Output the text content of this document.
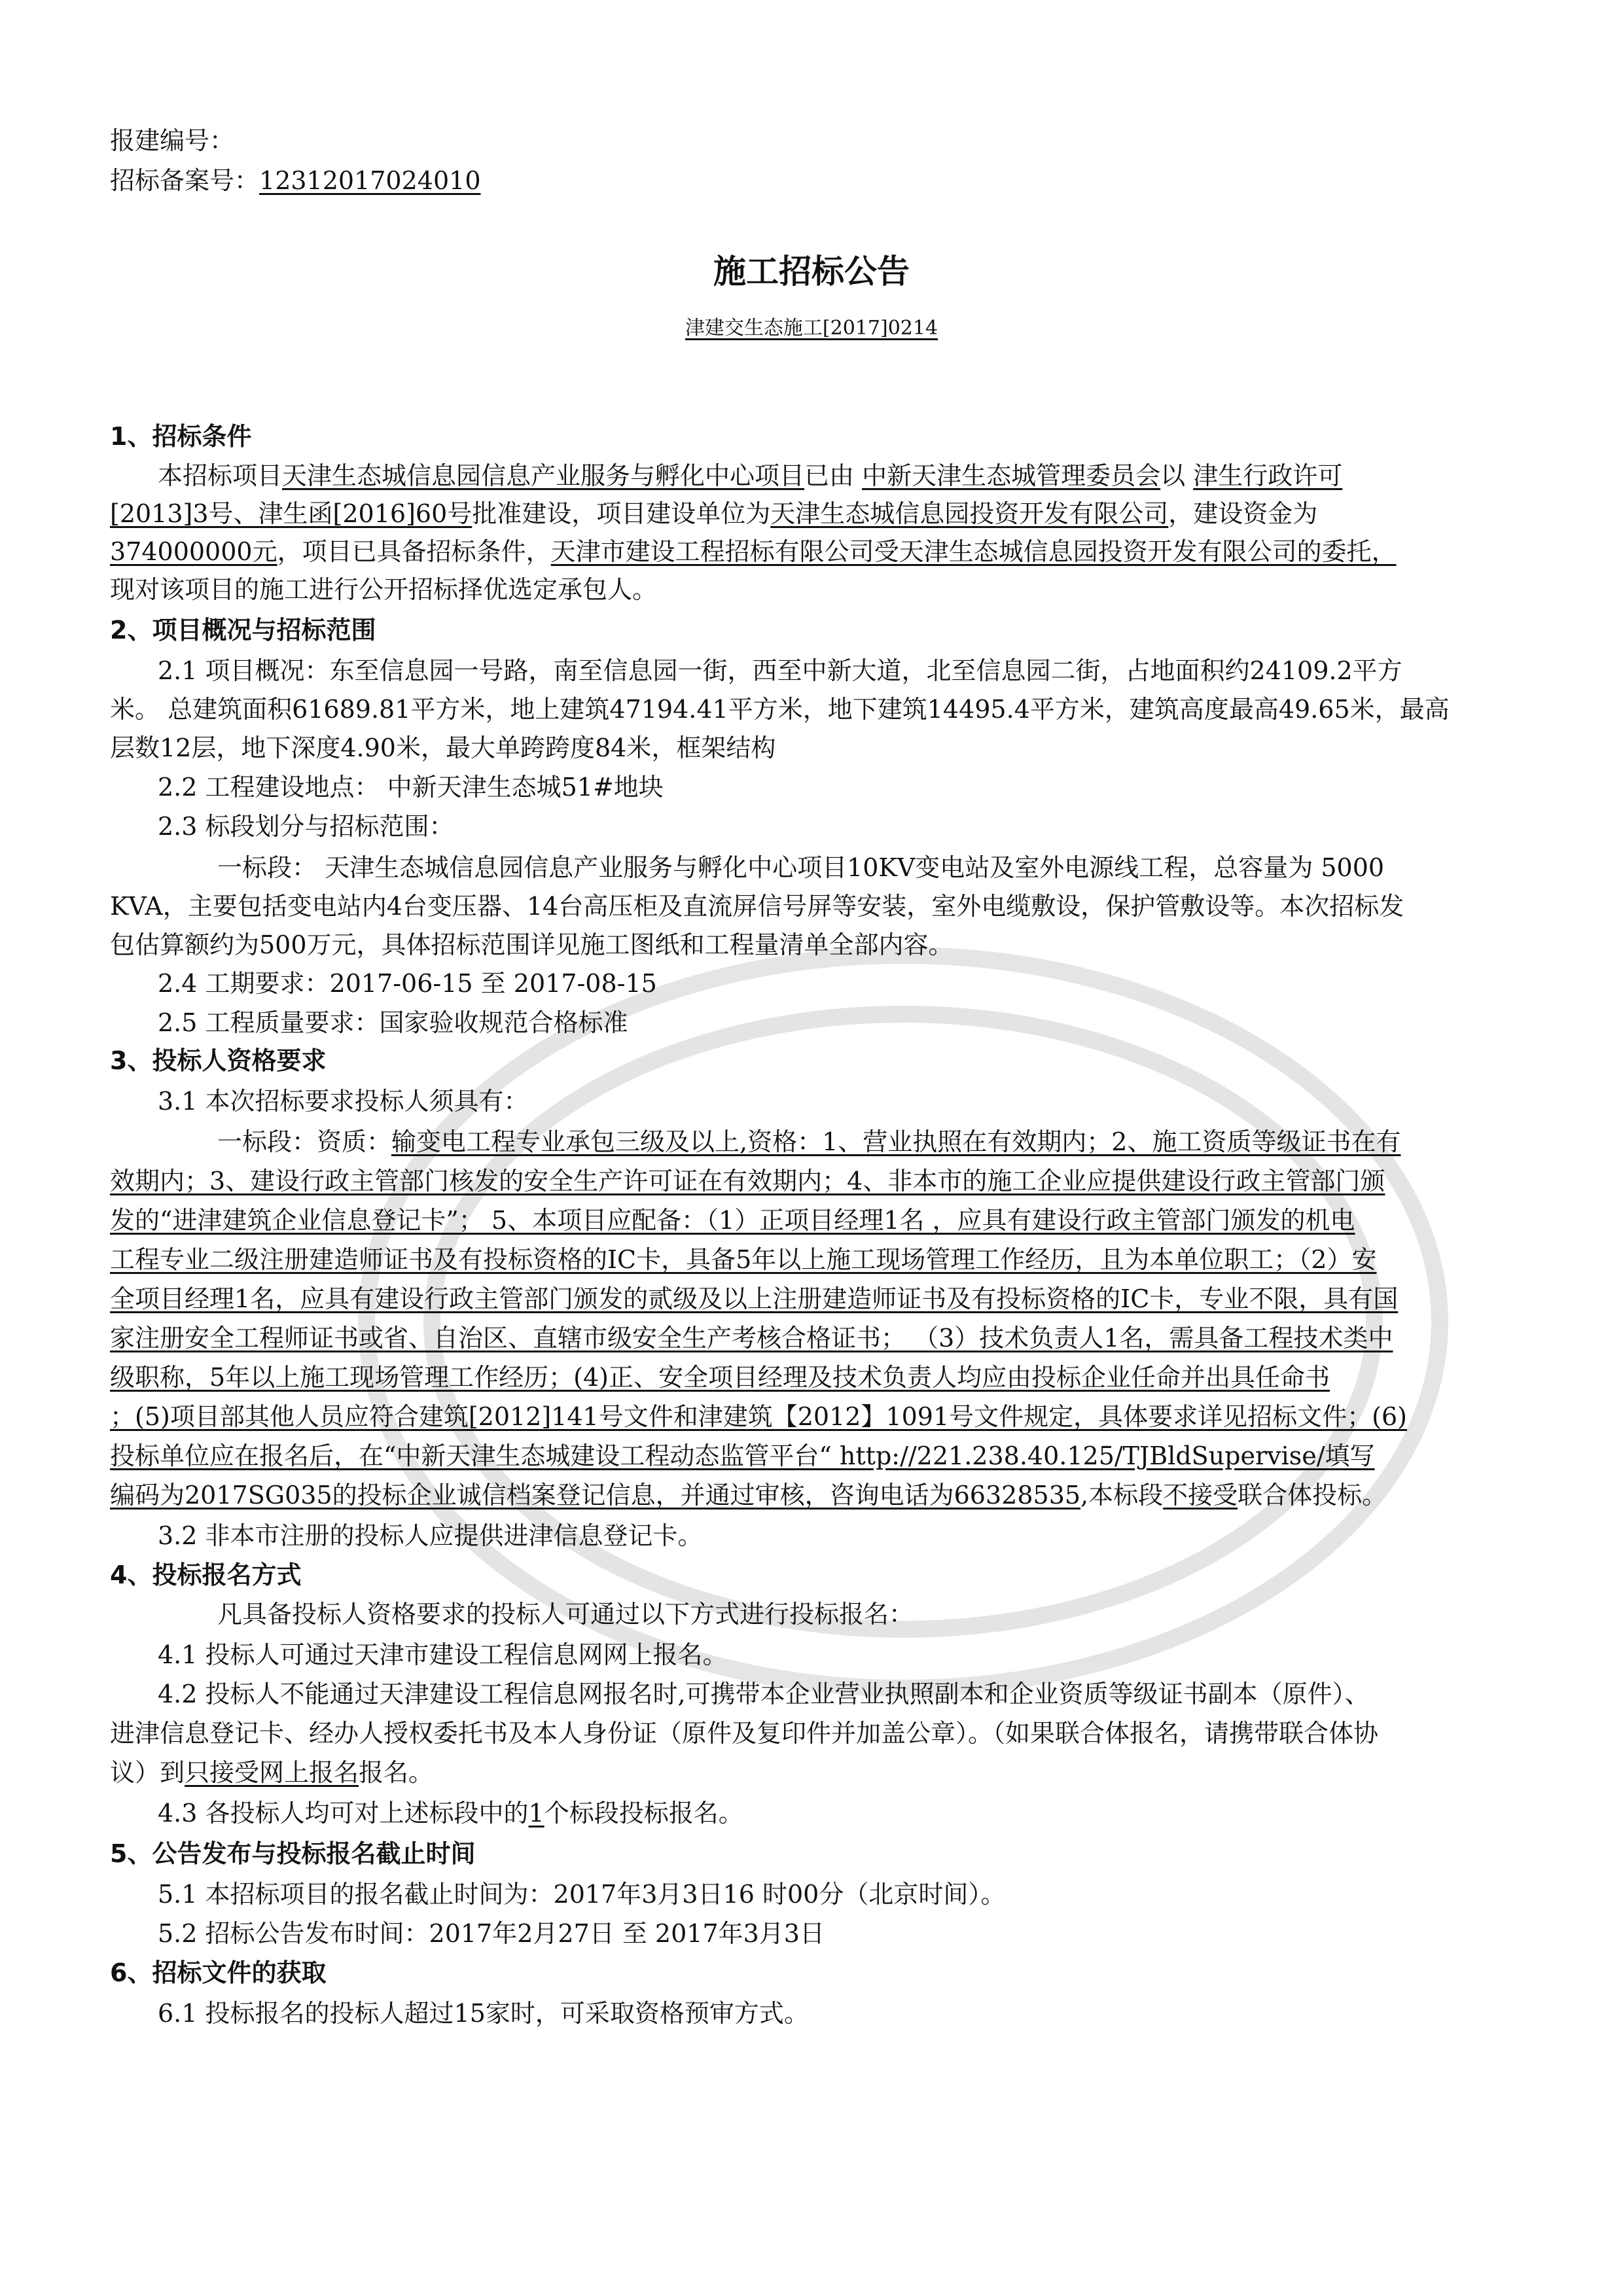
报建编号：
招标备案号：12312017024010
施工招标公告
津建交生态施工[2017]0214
1、招标条件
本招标项目天津生态城信息园信息产业服务与孵化中心项目已由 中新天津生态城管理委员会以 津生行政许可
[2013]3号、津生函[2016]60号批准建设，项目建设单位为天津生态城信息园投资开发有限公司，建设资金为
374000000元，项目已具备招标条件，天津市建设工程招标有限公司受天津生态城信息园投资开发有限公司的委托，
现对该项目的施工进行公开招标择优选定承包人。
2、项目概况与招标范围
2.1 项目概况：东至信息园一号路，南至信息园一街，西至中新大道，北至信息园二街，占地面积约24109.2平方
米。 总建筑面积61689.81平方米，地上建筑47194.41平方米，地下建筑14495.4平方米，建筑高度最高49.65米，最高
层数12层，地下深度4.90米，最大单跨跨度84米，框架结构
2.2 工程建设地点： 中新天津生态城51#地块
2.3 标段划分与招标范围：
一标段： 天津生态城信息园信息产业服务与孵化中心项目10KV变电站及室外电源线工程，总容量为 5000
KVA，主要包括变电站内4台变压器、14台高压柜及直流屏信号屏等安装，室外电缆敷设，保护管敷设等。本次招标发
包估算额约为500万元，具体招标范围详见施工图纸和工程量清单全部内容。
2.4 工期要求：2017-06-15 至 2017-08-15
2.5 工程质量要求：国家验收规范合格标准
3、投标人资格要求
3.1 本次招标要求投标人须具有：
一标段：资质：输变电工程专业承包三级及以上,资格：1、营业执照在有效期内；2、施工资质等级证书在有
效期内；3、建设行政主管部门核发的安全生产许可证在有效期内；4、非本市的施工企业应提供建设行政主管部门颁
发的“进津建筑企业信息登记卡”； 5、本项目应配备：（1）正项目经理1名 ，应具有建设行政主管部门颁发的机电
工程专业二级注册建造师证书及有投标资格的IC卡，具备5年以上施工现场管理工作经历，且为本单位职工；（2）安
全项目经理1名，应具有建设行政主管部门颁发的贰级及以上注册建造师证书及有投标资格的IC卡，专业不限，具有国
家注册安全工程师证书或省、自治区、直辖市级安全生产考核合格证书； （3）技术负责人1名，需具备工程技术类中
级职称，5年以上施工现场管理工作经历；(4)正、安全项目经理及技术负责人均应由投标企业任命并出具任命书
；(5)项目部其他人员应符合建筑[2012]141号文件和津建筑【2012】1091号文件规定，具体要求详见招标文件；(6)
投标单位应在报名后，在“中新天津生态城建设工程动态监管平台“ http://221.238.40.125/TJBldSupervise/填写
编码为2017SG035的投标企业诚信档案登记信息，并通过审核，咨询电话为66328535,本标段不接受联合体投标。
3.2 非本市注册的投标人应提供进津信息登记卡。
4、投标报名方式
凡具备投标人资格要求的投标人可通过以下方式进行投标报名：
4.1 投标人可通过天津市建设工程信息网网上报名。
4.2 投标人不能通过天津建设工程信息网报名时,可携带本企业营业执照副本和企业资质等级证书副本（原件）、
进津信息登记卡、经办人授权委托书及本人身份证（原件及复印件并加盖公章）。（如果联合体报名，请携带联合体协
议）到只接受网上报名报名。
4.3 各投标人均可对上述标段中的1个标段投标报名。
5、公告发布与投标报名截止时间
5.1 本招标项目的报名截止时间为：2017年3月3日16 时00分（北京时间）。
5.2 招标公告发布时间：2017年2月27日 至 2017年3月3日
6、招标文件的获取
6.1 投标报名的投标人超过15家时，可采取资格预审方式。
